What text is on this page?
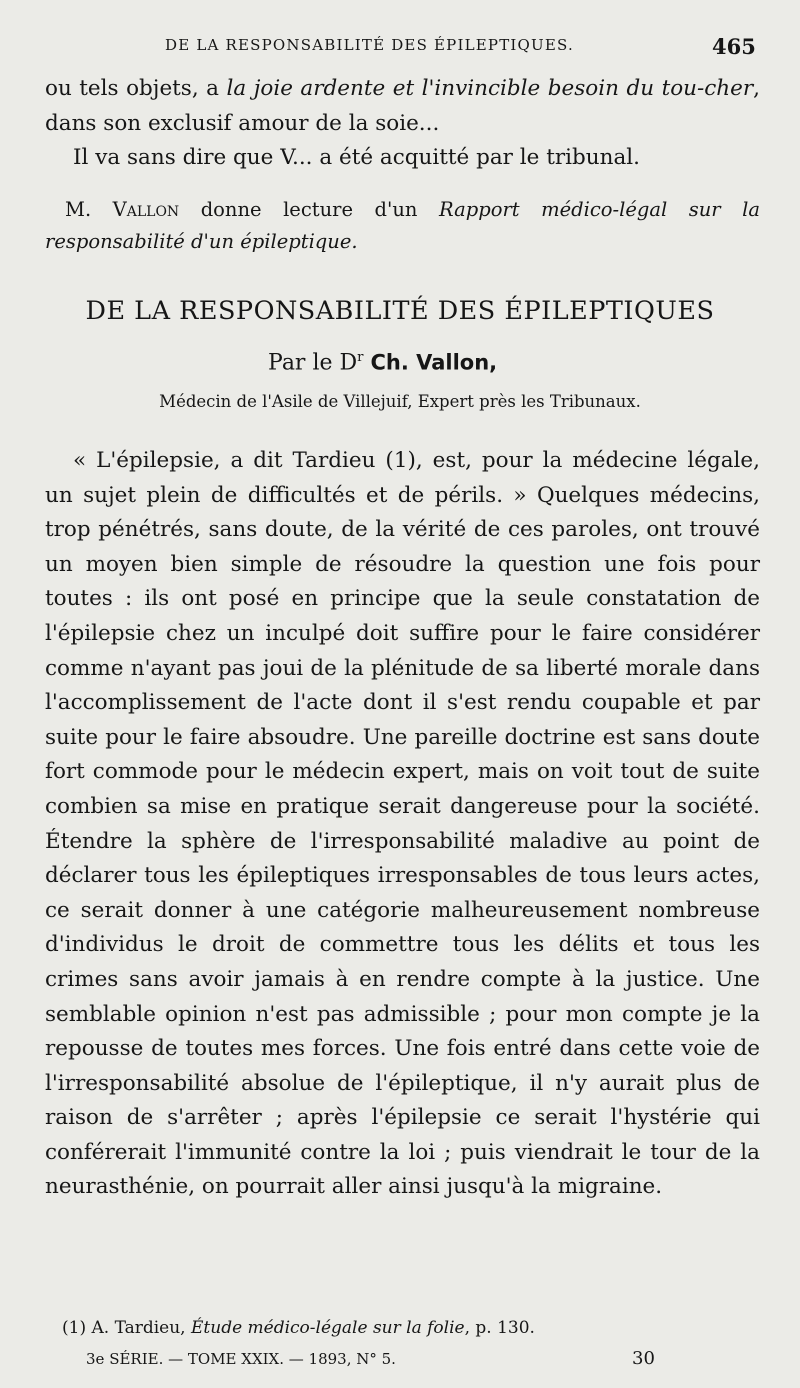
DE LA RESPONSABILITÉ DES ÉPILEPTIQUES.	465

ou tels objets, a la joie ardente et l'invincible besoin du tou-cher, dans son exclusif amour de la soie...

Il va sans dire que V... a été acquitté par le tribunal.

M. Vallon donne lecture d'un Rapport médico-légal sur la responsabilité d'un épileptique.
DE LA RESPONSABILITÉ DES ÉPILEPTIQUES
Par le $D^r$ Ch. Vallon,
Médecin de l'Asile de Villejuif, Expert près les Tribunaux.

« L'épilepsie, a dit Tardieu (1), est, pour la médecine légale, un sujet plein de difficultés et de périls. » Quelques médecins, trop pénétrés, sans doute, de la vérité de ces paroles, ont trouvé un moyen bien simple de résoudre la question une fois pour toutes : ils ont posé en principe que la seule constatation de l'épilepsie chez un inculpé doit suffire pour le faire considérer comme n'ayant pas joui de la plénitude de sa liberté morale dans l'accomplissement de l'acte dont il s'est rendu coupable et par suite pour le faire absoudre. Une pareille doctrine est sans doute fort commode pour le médecin expert, mais on voit tout de suite combien sa mise en pratique serait dangereuse pour la société. Étendre la sphère de l'irresponsabilité maladive au point de déclarer tous les épileptiques irresponsables de tous leurs actes, ce serait donner à une catégorie malheureusement nombreuse d'individus le droit de commettre tous les délits et tous les crimes sans avoir jamais à en rendre compte à la justice. Une semblable opinion n'est pas admissible ; pour mon compte je la repousse de toutes mes forces. Une fois entré dans cette voie de l'irresponsabilité absolue de l'épileptique, il n'y aurait plus de raison de s'arrêter ; après l'épilepsie ce serait l'hystérie qui conférerait l'immunité contre la loi ; puis viendrait le tour de la neurasthénie, on pourrait aller ainsi jusqu'à la migraine.

(1) A. Tardieu, Étude médico-légale sur la folie, p. 130.
3e SÉRIE. — TOME XXIX. — 1893, N° 5.	30
